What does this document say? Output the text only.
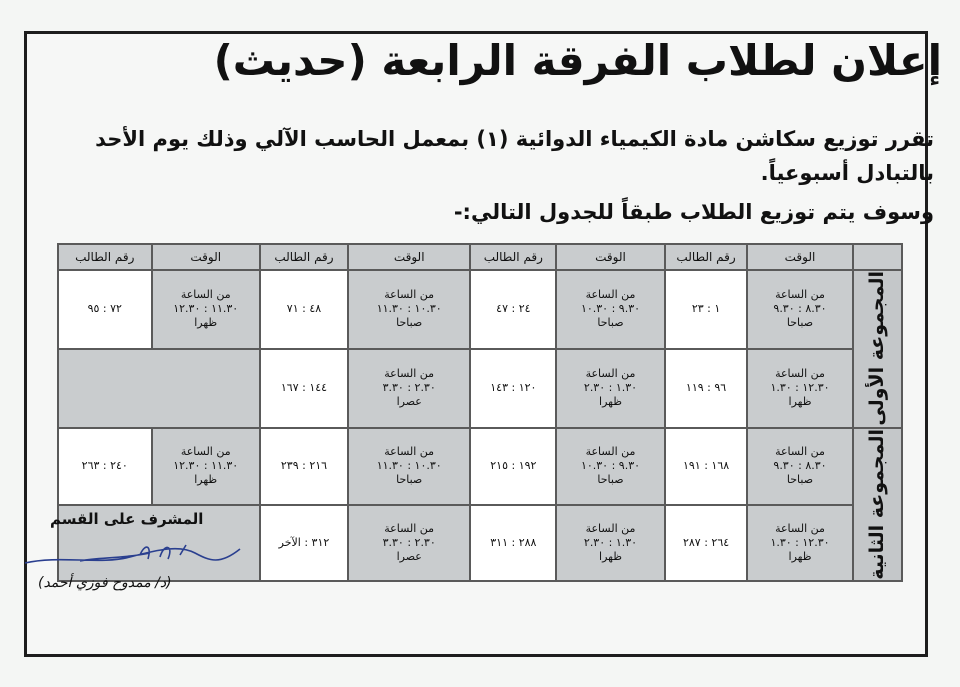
إعلان لطلاب الفرقة الرابعة (حديث)
تقرر توزيع سكاشن مادة الكيمياء الدوائية (١) بمعمل الحاسب الآلي وذلك يوم الأحد بالتبادل أسبوعياً.
وسوف يتم توزيع الطلاب طبقاً للجدول التالي:-
	الوقت	رقم الطالب	الوقت	رقم الطالب	الوقت	رقم الطالب	الوقت	رقم الطالب
المجموعة الأولى	من الساعة
٨.٣٠ : ٩.٣٠
صباحا	١ : ٢٣	من الساعة
٩.٣٠ : ١٠.٣٠
صباحا	٢٤ : ٤٧	من الساعة
١٠.٣٠ : ١١.٣٠
صباحا	٤٨ : ٧١	من الساعة
١١.٣٠ : ١٢.٣٠
ظهرا	٧٢ : ٩٥

	من الساعة
١٢.٣٠ : ١.٣٠
ظهرا	٩٦ : ١١٩	من الساعة
١.٣٠ : ٢.٣٠
ظهرا	١٢٠ : ١٤٣	من الساعة
٢.٣٠ : ٣.٣٠
عصرا	١٤٤ : ١٦٧		
المجموعة الثانية	من الساعة
٨.٣٠ : ٩.٣٠
صباحا	١٦٨ : ١٩١	من الساعة
٩.٣٠ : ١٠.٣٠
صباحا	١٩٢ : ٢١٥	من الساعة
١٠.٣٠ : ١١.٣٠
صباحا	٢١٦ : ٢٣٩	من الساعة
١١.٣٠ : ١٢.٣٠
ظهرا	٢٤٠ : ٢٦٣

	من الساعة
١٢.٣٠ : ١.٣٠
ظهرا	٢٦٤ : ٢٨٧	من الساعة
١.٣٠ : ٢.٣٠
ظهرا	٢٨٨ : ٣١١	من الساعة
٢.٣٠ : ٣.٣٠
عصرا	٣١٢ : الآخر		
المشرف على القسم
(د/ ممدوح فوزي أحمد)
